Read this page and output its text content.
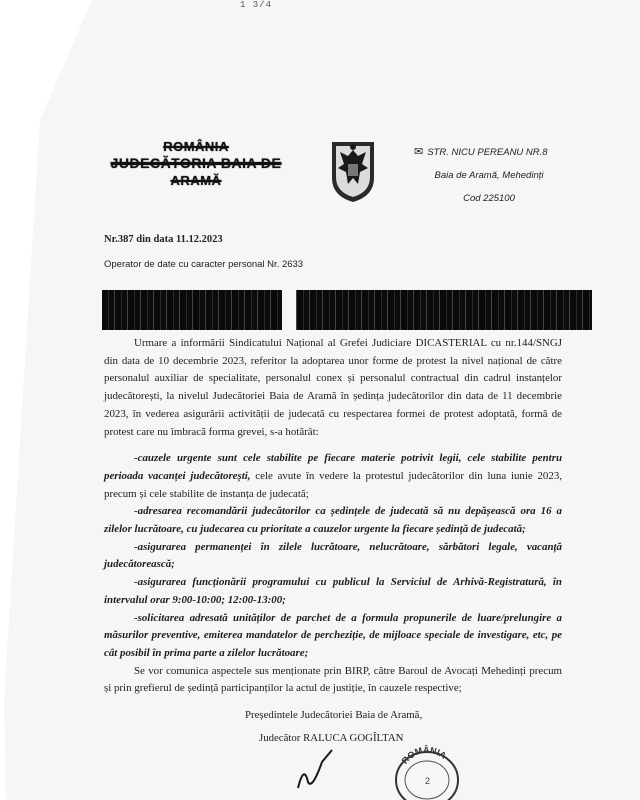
1 3/4
ROMÂNIA
JUDECĂTORIA BAIA DE
ARAMĂ
✉ STR. NICU PEREANU NR.8
Baia de Aramă, Mehedinți
Cod 225100
Nr.387 din data 11.12.2023
Operator de date cu caracter personal Nr. 2633

Urmare a informării Sindicatului Național al Grefei Judiciare DICASTERIAL cu nr.144/SNGJ din data de 10 decembrie 2023, referitor la adoptarea unor forme de protest la nivel național de către personalul auxiliar de specialitate, personalul conex și personalul contractual din cadrul instanțelor judecătorești, la nivelul Judecătoriei Baia de Aramă în ședința judecătorilor din data de 11 decembrie 2023, în vederea asigurării activității de judecată cu respectarea formei de protest adoptată, formă de protest care nu îmbracă forma grevei, s-a hotărât:

-cauzele urgente sunt cele stabilite pe fiecare materie potrivit legii, cele stabilite pentru perioada vacanței judecătorești, cele avute în vedere la protestul judecătorilor din luna iunie 2023, precum și cele stabilite de instanța de judecată;

-adresarea recomandării judecătorilor ca ședințele de judecată să nu depășească ora 16 a zilelor lucrătoare, cu judecarea cu prioritate a cauzelor urgente la fiecare ședință de judecată;

-asigurarea permanenței în zilele lucrătoare, nelucrătoare, sărbători legale, vacanță judecătorească;

-asigurarea funcționării programului cu publicul la Serviciul de Arhivă-Registratură, în intervalul orar 9:00-10:00; 12:00-13:00;

-solicitarea adresată unităților de parchet de a formula propunerile de luare/prelungire a măsurilor preventive, emiterea mandatelor de percheziție, de mijloace speciale de investigare, etc, pe cât posibil în prima parte a zilelor lucrătoare;

Se vor comunica aspectele sus menționate prin BIRP, către Baroul de Avocați Mehedinți precum și prin grefierul de ședință participanților la actul de justiție, în cauzele respective;

Președintele Judecătoriei Baia de Aramă,
Judecător RALUCA GOGÎLTAN
ROMÂNIA
2
